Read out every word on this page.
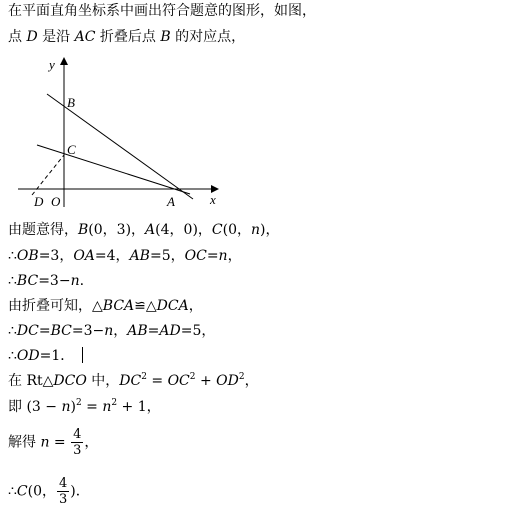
在平面直角坐标系中画出符合题意的图形，如图，
点 D 是沿 AC 折叠后点 B 的对应点，
y
x
B
C
D O	A
由题意得，B(0，3)，A(4，0)，C(0，n)，
∴OB=3，OA=4，AB=5，OC=n，
∴BC=3−n.
由折叠可知，△BCA≌△DCA，
∴DC=BC=3−n，AB=AD=5，
∴OD=1．
在 Rt△DCO 中，$DC^2 = OC^2 + OD^2$，
即 $(3 - n)^2 = n^2 + 1$，
解得 $n = \frac{4}{3}$ ，
∴C(0， $\frac{4}{3}$ )．
